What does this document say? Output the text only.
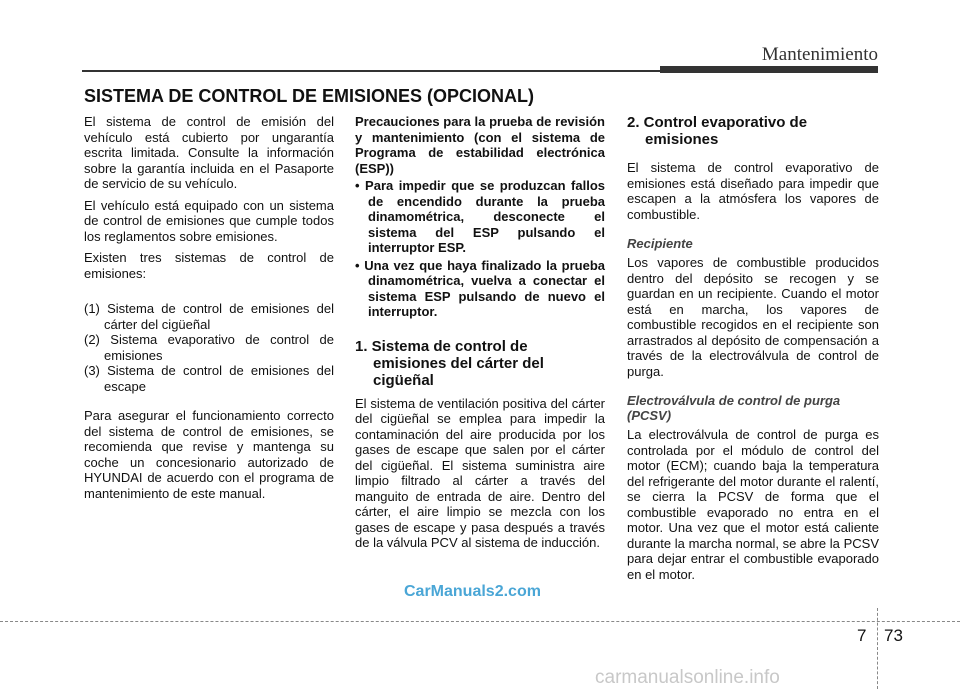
Mantenimiento
SISTEMA DE CONTROL DE EMISIONES (OPCIONAL)

El sistema de control de emisión del vehículo está cubierto por ungarantía escrita limitada. Consulte la información sobre la garantía incluida en el Pasaporte de servicio de su vehículo.

El vehículo está equipado con un sistema de control de emisiones que cumple todos los reglamentos sobre emisiones.

Existen tres sistemas de control de emisiones:

(1) Sistema de control de emisiones del cárter del cigüeñal

(2) Sistema evaporativo de control de emisiones

(3) Sistema de control de emisiones del escape

Para asegurar el funcionamiento correcto del sistema de control de emisiones, se recomienda que revise y mantenga su coche un concesionario autorizado de HYUNDAI de acuerdo con el programa de mantenimiento de este manual.

Precauciones para la prueba de revisión y mantenimiento (con el sistema de Programa de estabilidad electrónica (ESP))

• Para impedir que se produzcan fallos de encendido durante la prueba dinamométrica, desconecte el sistema del ESP pulsando el interruptor ESP.

• Una vez que haya finalizado la prueba dinamométrica, vuelva a conectar el sistema ESP pulsando de nuevo el interruptor.

1. Sistema de control de emisiones del cárter del cigüeñal

El sistema de ventilación positiva del cárter del cigüeñal se emplea para impedir la contaminación del aire producida por los gases de escape que salen por el cárter del cigüeñal. El sistema suministra aire limpio filtrado al cárter a través del manguito de entrada de aire. Dentro del cárter, el aire limpio se mezcla con los gases de escape y pasa después a través de la válvula PCV al sistema de inducción.

2. Control evaporativo de emisiones

El sistema de control evaporativo de emisiones está diseñado para impedir que escapen a la atmósfera los vapores de combustible.

Recipiente

Los vapores de combustible producidos dentro del depósito se recogen y se guardan en un recipiente. Cuando el motor está en marcha, los vapores de combustible recogidos en el recipiente son arrastrados al depósito de compensación a través de la electroválvula de control de purga.

Electroválvula de control de purga (PCSV)

La electroválvula de control de purga es controlada por el módulo de control del motor (ECM); cuando baja la temperatura del refrigerante del motor durante el ralentí, se cierra la PCSV de forma que el combustible evaporado no entra en el motor. Una vez que el motor está caliente durante la marcha normal, se abre la PCSV para dejar entrar el combustible evaporado en el motor.

CarManuals2.com
7 73
carmanualsonline.info
